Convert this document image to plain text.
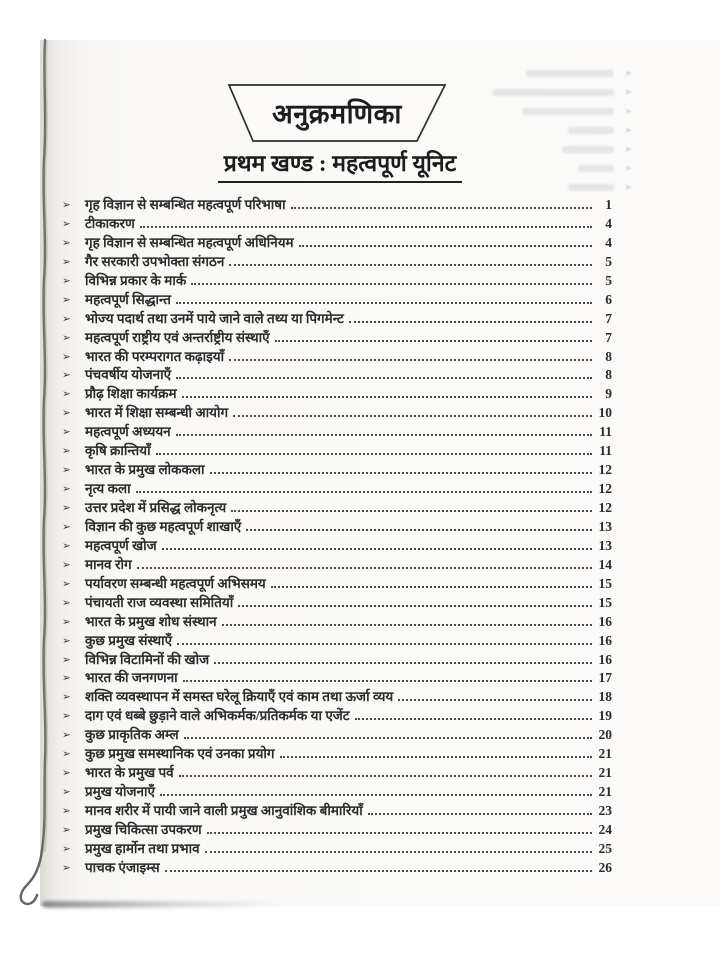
➤
➤
➤
➤
➤
➤
➤
अनुक्रमणिका
प्रथम खण्ड : महत्वपूर्ण यूनिट
➢	गृह विज्ञान से सम्बन्धित महत्वपूर्ण परिभाषा	1
➢	टीकाकरण	4
➢	गृह विज्ञान से सम्बन्धित महत्वपूर्ण अधिनियम	4
➢	गैर सरकारी उपभोक्ता संगठन	5
➢	विभिन्न प्रकार के मार्क	5
➢	महत्वपूर्ण सिद्धान्त	6
➢	भोज्य पदार्थ तथा उनमें पाये जाने वाले तथ्य या पिगमेन्ट	7
➢	महत्वपूर्ण राष्ट्रीय एवं अन्तर्राष्ट्रीय संस्थाएँ	7
➢	भारत की परम्परागत कढ़ाइयाँ	8
➢	पंचवर्षीय योजनाएँ	8
➢	प्रौढ़ शिक्षा कार्यक्रम	9
➢	भारत में शिक्षा सम्बन्धी आयोग	10
➢	महत्वपूर्ण अध्ययन	11
➢	कृषि क्रान्तियाँ	11
➢	भारत के प्रमुख लोककला	12
➢	नृत्य कला	12
➢	उत्तर प्रदेश में प्रसिद्ध लोकनृत्य	12
➢	विज्ञान की कुछ महत्वपूर्ण शाखाएँ	13
➢	महत्वपूर्ण खोज	13
➢	मानव रोग	14
➢	पर्यावरण सम्बन्धी महत्वपूर्ण अभिसमय	15
➢	पंचायती राज व्यवस्था समितियाँ	15
➢	भारत के प्रमुख शोध संस्थान	16
➢	कुछ प्रमुख संस्थाएँ	16
➢	विभिन्न विटामिनों की खोज	16
➢	भारत की जनगणना	17
➢	शक्ति व्यवस्थापन में समस्त घरेलू क्रियाएँ एवं काम तथा ऊर्जा व्यय	18
➢	दाग एवं धब्बे छुड़ाने वाले अभिकर्मक/प्रतिकर्मक या एजेंट	19
➢	कुछ प्राकृतिक अम्ल	20
➢	कुछ प्रमुख समस्थानिक एवं उनका प्रयोग	21
➢	भारत के प्रमुख पर्व	21
➢	प्रमुख योजनाएँ	21
➢	मानव शरीर में पायी जाने वाली प्रमुख आनुवांशिक बीमारियाँ	23
➢	प्रमुख चिकित्सा उपकरण	24
➢	प्रमुख हार्मोन तथा प्रभाव	25
➢	पाचक एंजाइम्स	26
